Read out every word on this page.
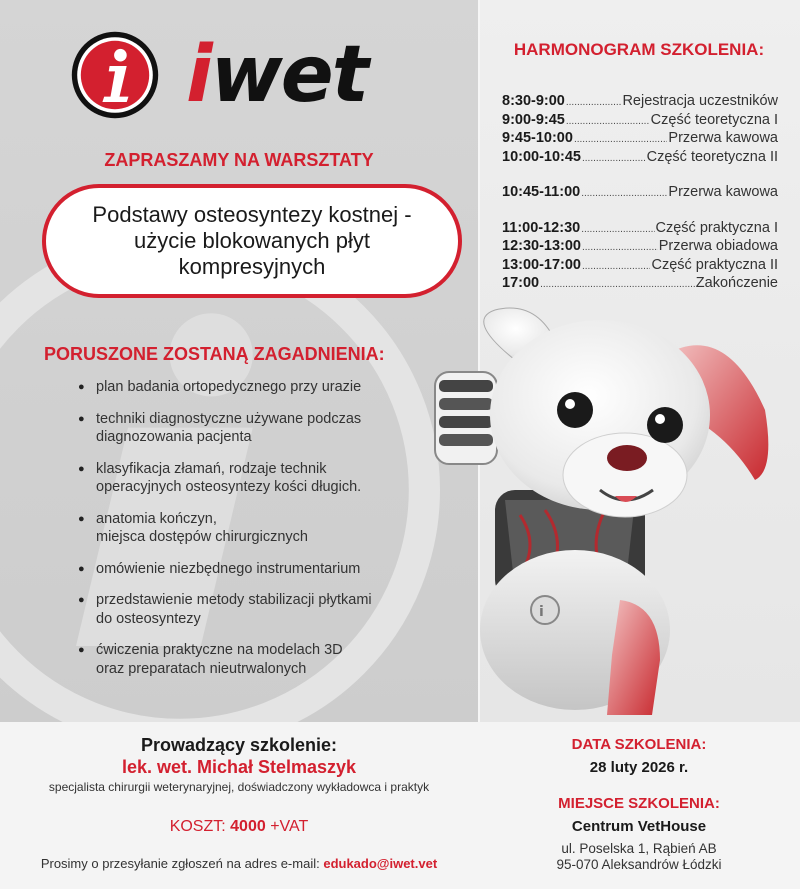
iwet
ZAPRASZAMY NA WARSZTATY
Podstawy osteosyntezy kostnej - użycie blokowanych płyt kompresyjnych
PORUSZONE ZOSTANĄ ZAGADNIENIA:
● plan badania ortopedycznego przy urazie
● techniki diagnostyczne używane podczas
diagnozowania pacjenta
● klasyfikacja złamań, rodzaje technik
operacyjnych osteosyntezy kości długich.
● anatomia kończyn,
miejsca dostępów chirurgicznych
● omówienie niezbędnego instrumentarium
● przedstawienie metody stabilizacji płytkami
do osteosyntezy
● ćwiczenia praktyczne na modelach 3D
oraz preparatach nieutrwalonych
HARMONOGRAM SZKOLENIA:
8:30-9:00 .....	Rejestracja uczestników
9:00-9:45 .....	Część teoretyczna I
9:45-10:00 .....	Przerwa kawowa
10:00-10:45 .....	Część teoretyczna II
10:45-11:00 .....	Przerwa kawowa
11:00-12:30 .....	Część praktyczna I
12:30-13:00 .....	Przerwa obiadowa
13:00-17:00 .....	Część praktyczna II
17:00 .....	Zakończenie
i
Prowadzący szkolenie:
lek. wet. Michał Stelmaszyk
specjalista chirurgii weterynaryjnej, doświadczony wykładowca i praktyk
KOSZT: 4000 +VAT
Prosimy o przesyłanie zgłoszeń na adres e-mail: edukado@iwet.vet
DATA SZKOLENIA:
28 luty 2026 r.
MIEJSCE SZKOLENIA:
Centrum VetHouse
ul. Poselska 1, Rąbień AB
95-070 Aleksandrów Łódzki
